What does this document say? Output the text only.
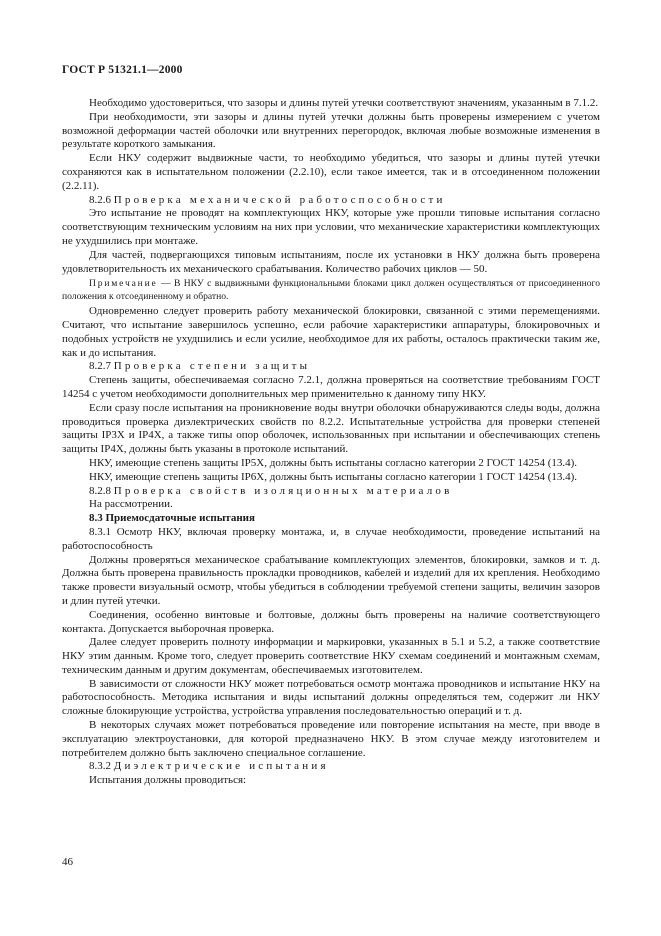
ГОСТ Р 51321.1—2000

Необходимо удостовериться, что зазоры и длины путей утечки соответствуют значениям, указанным в 7.1.2.

При необходимости, эти зазоры и длины путей утечки должны быть проверены измерением с учетом возможной деформации частей оболочки или внутренних перегородок, включая любые возможные изменения в результате короткого замыкания.

Если НКУ содержит выдвижные части, то необходимо убедиться, что зазоры и длины путей утечки сохраняются как в испытательном положении (2.2.10), если такое имеется, так и в отсоединенном положении (2.2.11).

8.2.6 Проверка механической работоспособности

Это испытание не проводят на комплектующих НКУ, которые уже прошли типовые испытания согласно соответствующим техническим условиям на них при условии, что механические характеристики комплектующих не ухудшились при монтаже.

Для частей, подвергающихся типовым испытаниям, после их установки в НКУ должна быть проверена удовлетворительность их механического срабатывания. Количество рабочих циклов — 50.

Примечание — В НКУ с выдвижными функциональными блоками цикл должен осуществляться от присоединенного положения к отсоединенному и обратно.

Одновременно следует проверить работу механической блокировки, связанной с этими перемещениями. Считают, что испытание завершилось успешно, если рабочие характеристики аппаратуры, блокировочных и подобных устройств не ухудшились и если усилие, необходимое для их работы, осталось практически таким же, как и до испытания.

8.2.7 Проверка степени защиты

Степень защиты, обеспечиваемая согласно 7.2.1, должна проверяться на соответствие требованиям ГОСТ 14254 с учетом необходимости дополнительных мер применительно к данному типу НКУ.

Если сразу после испытания на проникновение воды внутри оболочки обнаруживаются следы воды, должна проводиться проверка диэлектрических свойств по 8.2.2. Испытательные устройства для проверки степеней защиты IP3X и IP4X, а также типы опор оболочек, использованных при испытании и обеспечивающих степень защиты IP4X, должны быть указаны в протоколе испытаний.

НКУ, имеющие степень защиты IP5X, должны быть испытаны согласно категории 2 ГОСТ 14254 (13.4).

НКУ, имеющие степень защиты IP6X, должны быть испытаны согласно категории 1 ГОСТ 14254 (13.4).

8.2.8 Проверка свойств изоляционных материалов

На рассмотрении.

8.3 Приемосдаточные испытания

8.3.1 Осмотр НКУ, включая проверку монтажа, и, в случае необходимости, проведение испытаний на работоспособность

Должны проверяться механическое срабатывание комплектующих элементов, блокировки, замков и т. д. Должна быть проверена правильность прокладки проводников, кабелей и изделий для их крепления. Необходимо также провести визуальный осмотр, чтобы убедиться в соблюдении требуемой степени защиты, величин зазоров и длин путей утечки.

Соединения, особенно винтовые и болтовые, должны быть проверены на наличие соответствующего контакта. Допускается выборочная проверка.

Далее следует проверить полноту информации и маркировки, указанных в 5.1 и 5.2, а также соответствие НКУ этим данным. Кроме того, следует проверить соответствие НКУ схемам соединений и монтажным схемам, техническим данным и другим документам, обеспечиваемых изготовителем.

В зависимости от сложности НКУ может потребоваться осмотр монтажа проводников и испытание НКУ на работоспособность. Методика испытания и виды испытаний должны определяться тем, содержит ли НКУ сложные блокирующие устройства, устройства управления последовательностью операций и т. д.

В некоторых случаях может потребоваться проведение или повторение испытания на месте, при вводе в эксплуатацию электроустановки, для которой предназначено НКУ. В этом случае между изготовителем и потребителем должно быть заключено специальное соглашение.

8.3.2 Диэлектрические испытания

Испытания должны проводиться:

46
